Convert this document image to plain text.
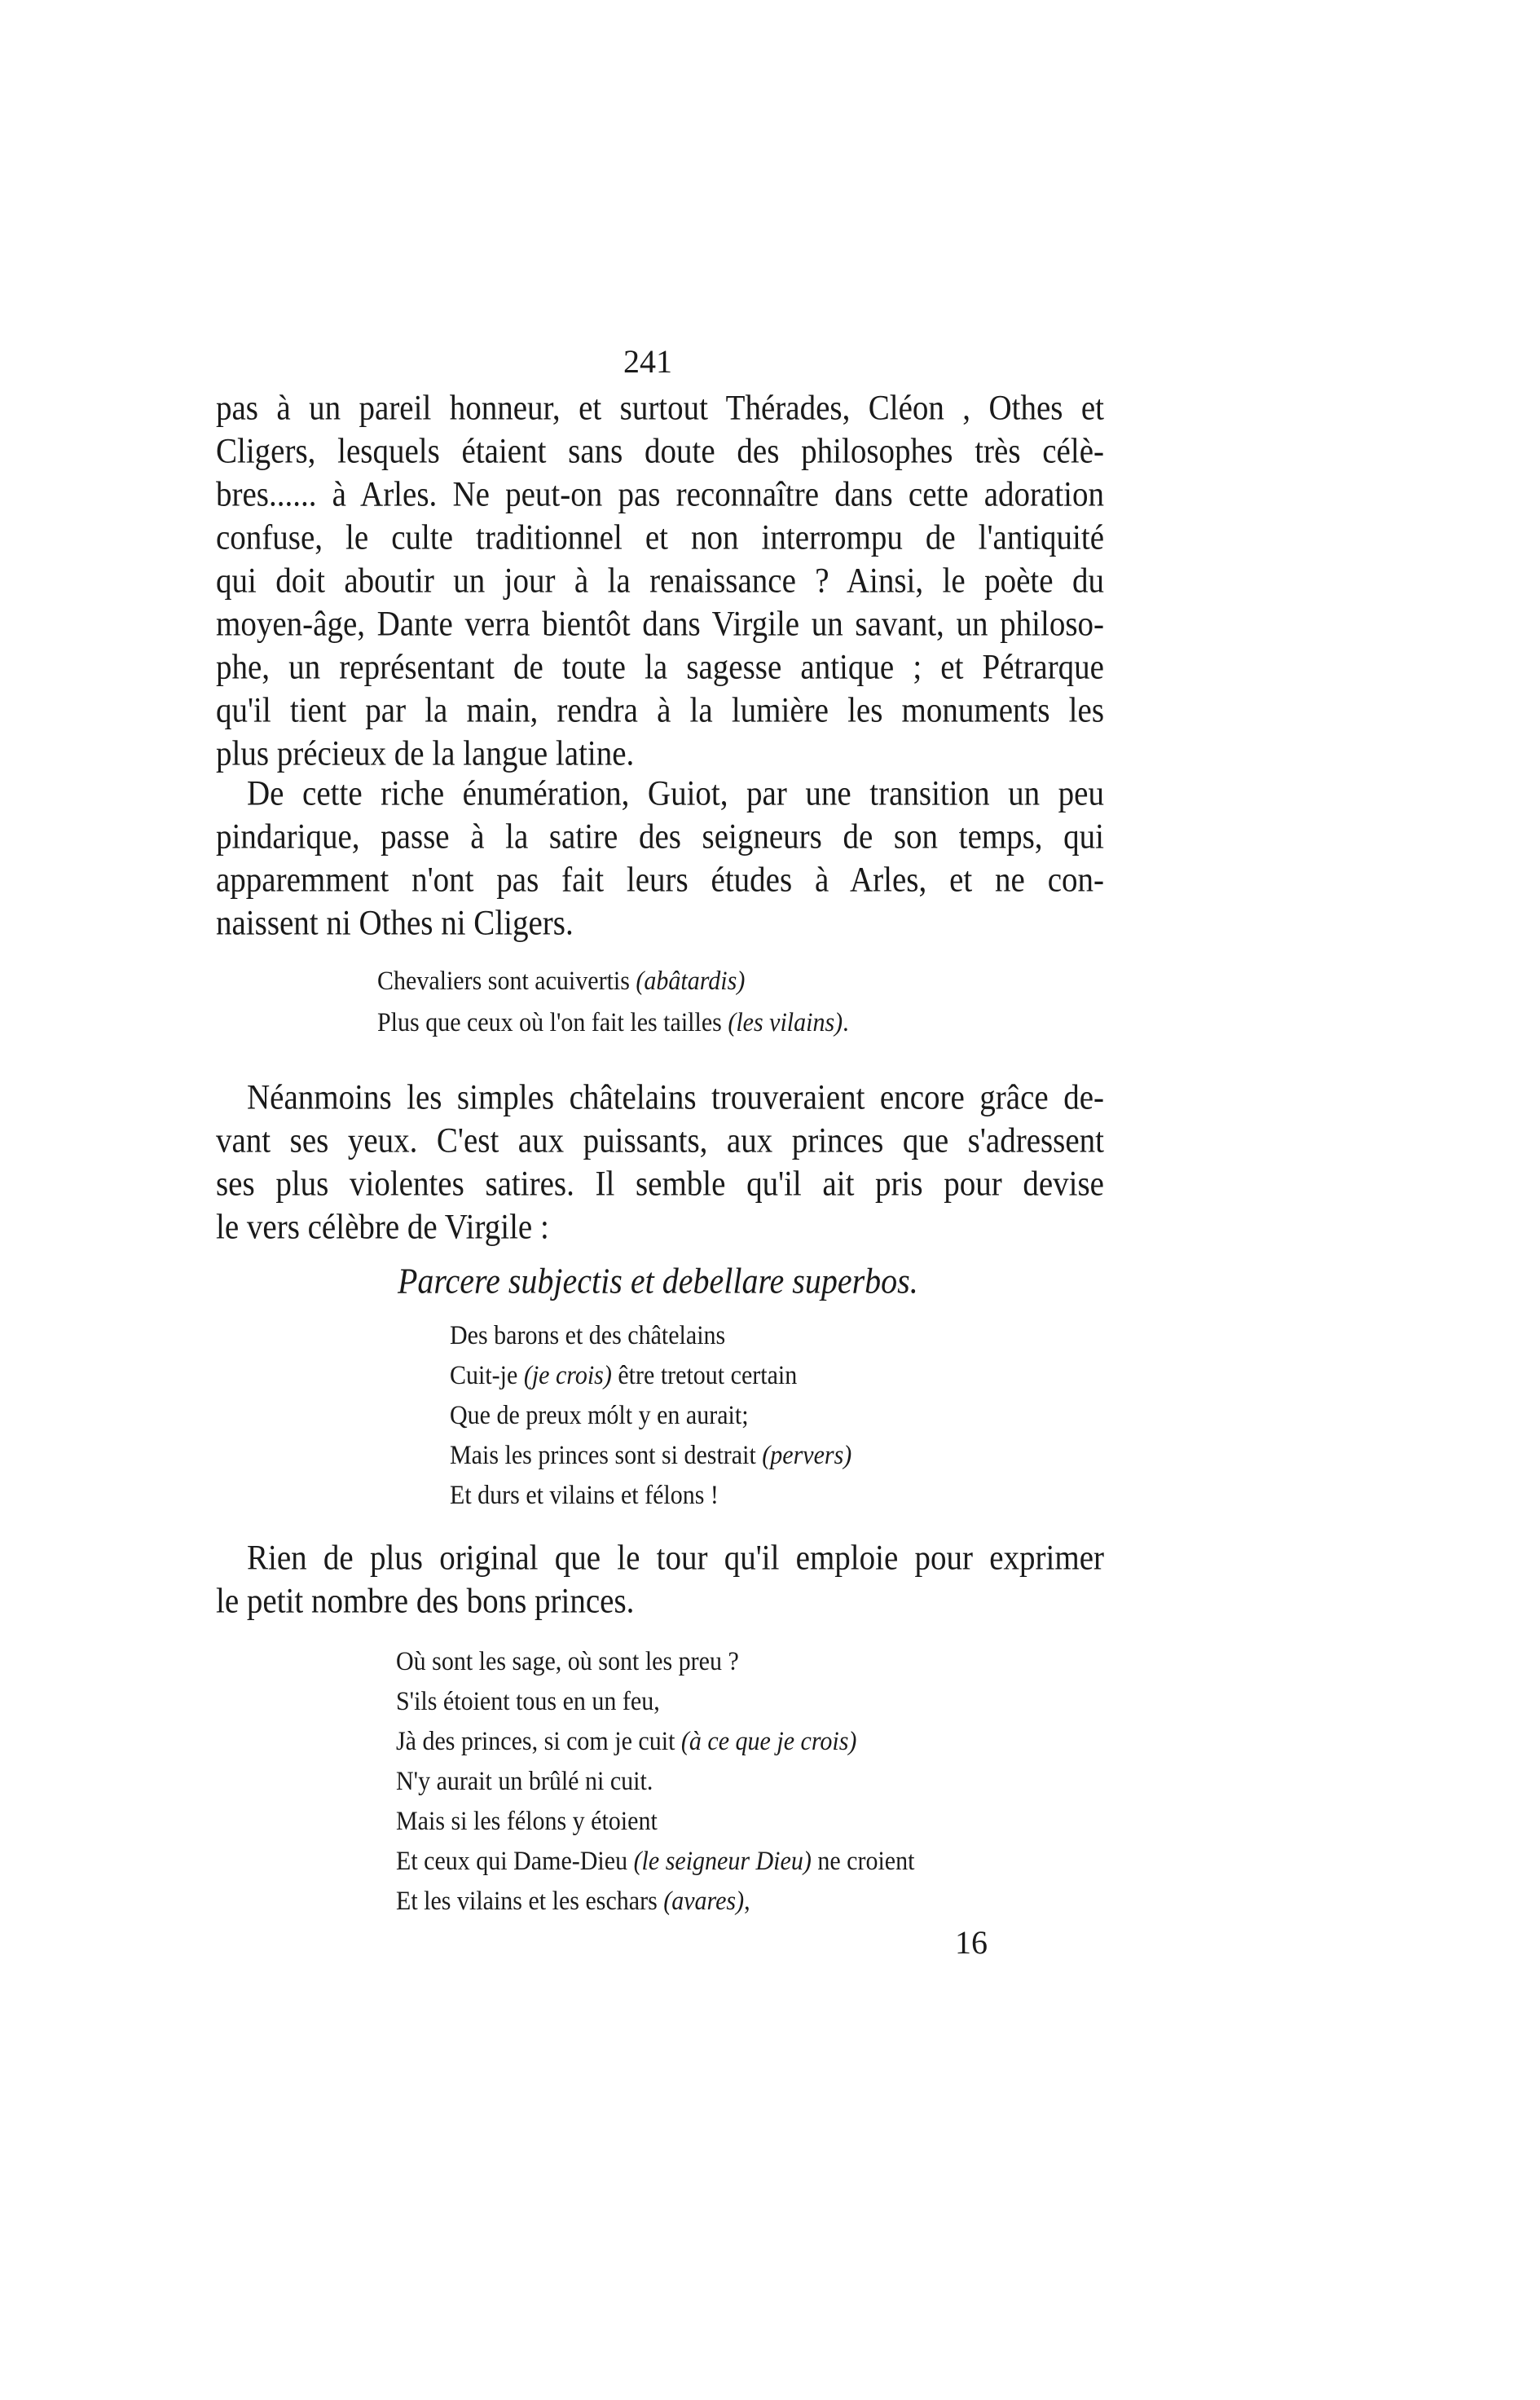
241
pas à un pareil honneur, et surtout Thérades, Cléon , Othes et
Cligers, lesquels étaient sans doute des philosophes très célè-
bres...... à Arles. Ne peut-on pas reconnaître dans cette adoration
confuse, le culte traditionnel et non interrompu de l'antiquité
qui doit aboutir un jour à la renaissance ? Ainsi, le poète du
moyen-âge, Dante verra bientôt dans Virgile un savant, un philoso-
phe, un représentant de toute la sagesse antique ; et Pétrarque
qu'il tient par la main, rendra à la lumière les monuments les
plus précieux de la langue latine.
De cette riche énumération, Guiot, par une transition un peu
pindarique, passe à la satire des seigneurs de son temps, qui
apparemment n'ont pas fait leurs études à Arles, et ne con-
naissent ni Othes ni Cligers.
Néanmoins les simples châtelains trouveraient encore grâce de-
vant ses yeux. C'est aux puissants, aux princes que s'adressent
ses plus violentes satires. Il semble qu'il ait pris pour devise
le vers célèbre de Virgile :
Rien de plus original que le tour qu'il emploie pour exprimer
le petit nombre des bons princes.
Chevaliers sont acuivertis (abâtardis)
Plus que ceux où l'on fait les tailles (les vilains).
Des barons et des châtelains
Cuit-je (je crois) être tretout certain
Que de preux mólt y en aurait;
Mais les princes sont si destrait (pervers)
Et durs et vilains et félons !
Où sont les sage, où sont les preu ?
S'ils étoient tous en un feu,
Jà des princes, si com je cuit (à ce que je crois)
N'y aurait un brûlé ni cuit.
Mais si les félons y étoient
Et ceux qui Dame-Dieu (le seigneur Dieu) ne croient
Et les vilains et les eschars (avares),
Parcere subjectis et debellare superbos.
16
